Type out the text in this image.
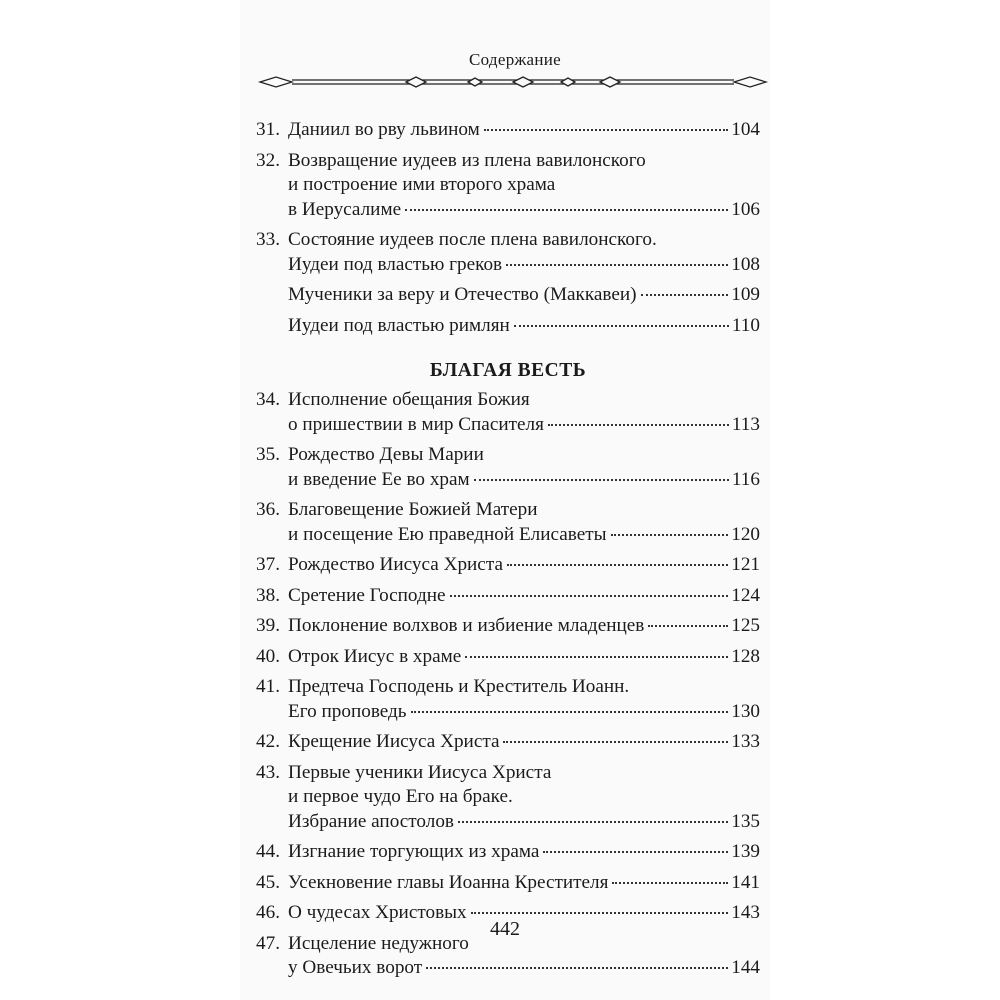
Содержание
31. Даниил во рву львином	104
32. Возвращение иудеев из плена вавилонского
и построение ими второго храма
в Иерусалиме	106
33. Состояние иудеев после плена вавилонского.
Иудеи под властью греков	108
Мученики за веру и Отечество (Маккавеи)	109
Иудеи под властью римлян	110
БЛАГАЯ ВЕСТЬ
34. Исполнение обещания Божия
о пришествии в мир Спасителя	113
35. Рождество Девы Марии
и введение Ее во храм	116
36. Благовещение Божией Матери
и посещение Ею праведной Елисаветы	120
37. Рождество Иисуса Христа	121
38. Сретение Господне	124
39. Поклонение волхвов и избиение младенцев	125
40. Отрок Иисус в храме	128
41. Предтеча Господень и Креститель Иоанн.
Его проповедь	130
42. Крещение Иисуса Христа	133
43. Первые ученики Иисуса Христа
и первое чудо Его на браке.
Избрание апостолов	135
44. Изгнание торгующих из храма	139
45. Усекновение главы Иоанна Крестителя	141
46. О чудесах Христовых	143
47. Исцеление недужного
у Овечьих ворот	144
442
